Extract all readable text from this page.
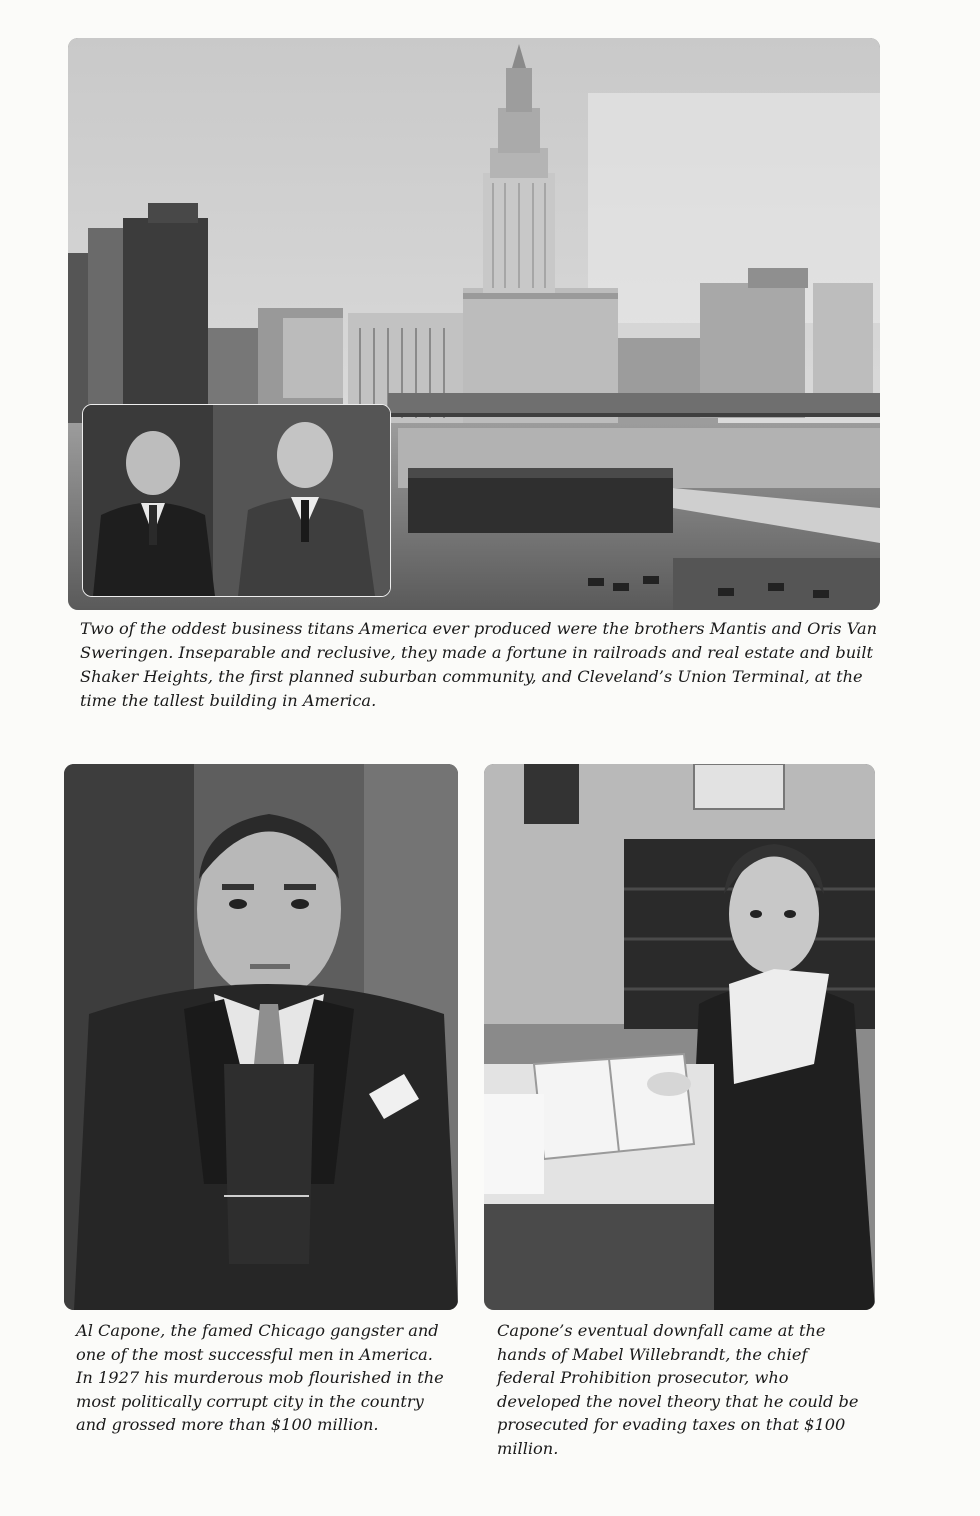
Two of the oddest business titans America ever produced were the brothers Mantis and Oris Van Sweringen. Inseparable and reclusive, they made a fortune in railroads and real estate and built Shaker Heights, the first planned suburban community, and Cleveland’s Union Terminal, at the time the tallest building in America.

Al Capone, the famed Chicago gangster and one of the most successful men in America. In 1927 his murderous mob flourished in the most politically corrupt city in the country and grossed more than $100 million.

Capone’s eventual downfall came at the hands of Mabel Willebrandt, the chief federal Prohibition prosecutor, who developed the novel theory that he could be prosecuted for evading taxes on that $100 million.
